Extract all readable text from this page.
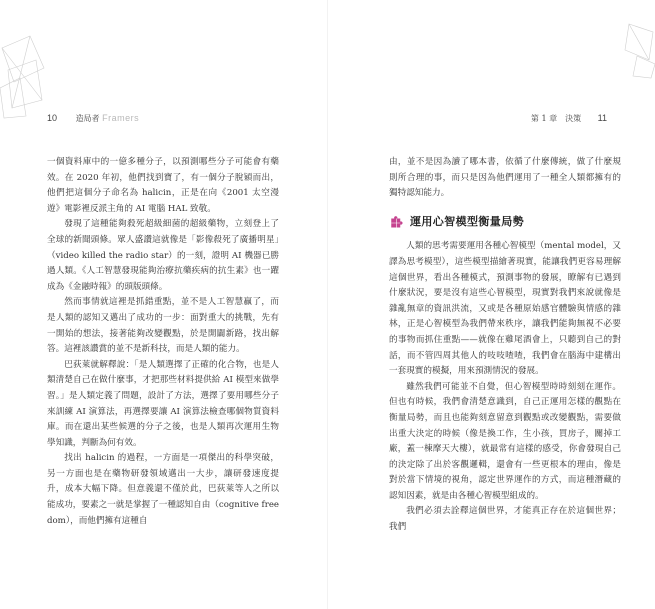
10 造局者 Framers

一個資料庫中的一億多種分子，以預測哪些分子可能會有藥效。在 2020 年初，他們找到寶了，有一個分子脫穎而出，他們把這個分子命名為 halicin，正是在向《2001 太空漫遊》電影裡反派主角的 AI 電腦 HAL 致敬。

發現了這種能夠殺死超級細菌的超級藥物，立刻登上了全球的新聞頭條。眾人盛讚這就像是「影像殺死了廣播明星」（video killed the radio star）的一刻，證明 AI 機器已勝過人類。《人工智慧發現能夠治療抗藥疾病的抗生素》也一躍成為《金融時報》的頭版頭條。

然而事情就這裡是抓錯重點，並不是人工智慧贏了，而是人類的認知又邁出了成功的一步：面對重大的挑戰，先有一開始的想法，接著能夠改變觀點，於是開闢新路，找出解答。這裡該讚賞的並不是新科技，而是人類的能力。

巴荻萊就解釋說：「是人類選擇了正確的化合物，也是人類清楚自己在做什麼事，才把那些材料提供給 AI 模型來做學習。」是人類定義了問題，設計了方法，選擇了要用哪些分子來訓練 AI 演算法，再選擇要讓 AI 演算法檢查哪個物質資料庫。而在還出某些候選的分子之後，也是人類再次運用生物學知識，判斷為何有效。

找出 halicin 的過程，一方面是一項傑出的科學突破，另一方面也是在藥物研發領域邁出一大步，讓研發速度提升，成本大幅下降。但意義還不僅於此，巴荻萊等人之所以能成功，要素之一就是掌握了一種認知自由（cognitive freedom），而他們擁有這種自

第 1 章 決策 11

由，並不是因為讀了哪本書，依循了什麼傳統，做了什麼規則所合理的事，而只是因為他們運用了一種全人類都擁有的獨特認知能力。

運用心智模型衡量局勢

人類的思考需要運用各種心智模型（mental model，又譯為思考模型），這些模型描繪著現實，能讓我們更容易理解這個世界，看出各種模式，預測事物的發展，瞭解有已遇到什麼狀況，要是沒有這些心智模型，現實對我們來說就像是雜亂無章的資訊洪流，又或是各種原始感官體驗與情感的雜林，正是心智模型為我們帶來秩序，讓我們能夠無視不必要的事物而抓住重點——就像在雞尾酒會上，只聽到自己的對話，而不管四周其他人的吱吱喳喳，我們會在腦海中建構出一套現實的模擬，用來預測情況的發展。

雖然我們可能並不自覺，但心智模型時時刻刻在運作。但也有時候，我們會清楚意識到，自己正運用怎樣的觀點在衡量局勢，而且也能夠刻意留意到觀點或改變觀點，需要做出重大決定的時候（像是換工作，生小孩，買房子，關掉工廠，蓋一棟摩天大樓），就最常有這樣的感受，你會發現自己的決定除了出於客觀邏輯，還會有一些更根本的理由，像是對於當下情境的視角，認定世界運作的方式，而這種潛藏的認知因素，就是由各種心智模型組成的。

我們必須去詮釋這個世界，才能真正存在於這個世界；我們
